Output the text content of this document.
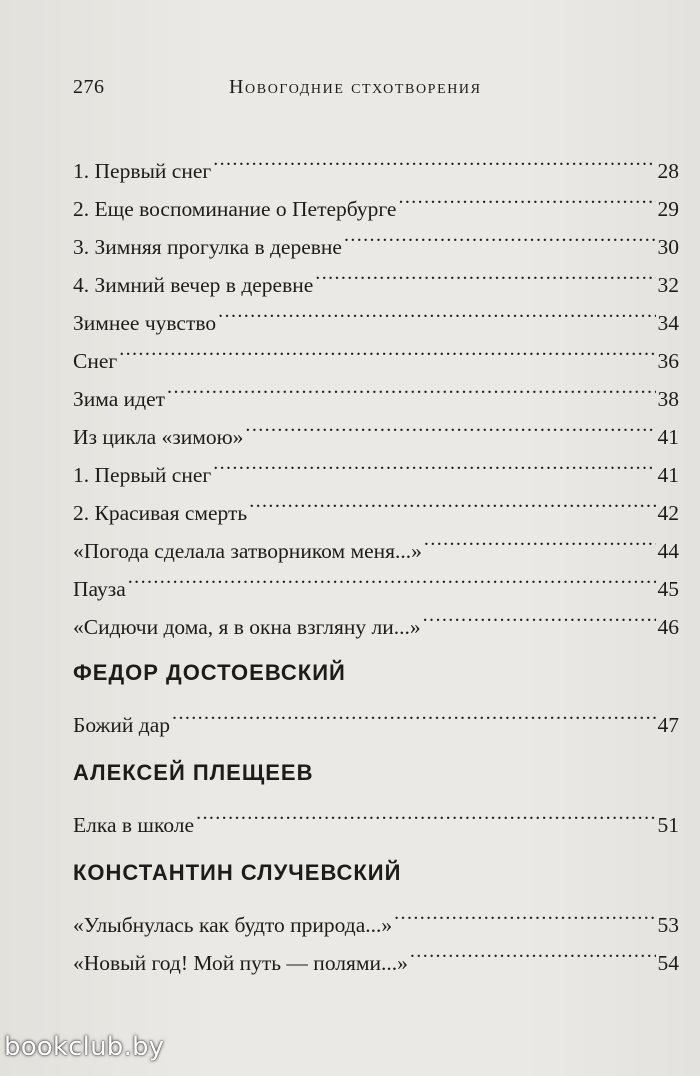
276	Новогодние стхотворения
1. Первый снег . . .	28
2. Еще воспоминание о Петербурге . . .	29
3. Зимняя прогулка в деревне . . .	30
4. Зимний вечер в деревне . . .	32
Зимнее чувство . . .	34
Снег . . .	36
Зима идет . . .	38
Из цикла «зимою» . . .	41
1. Первый снег . . .	41
2. Красивая смерть . . .	42
«Погода сделала затворником меня...» . . .	44
Пауза . . .	45
«Сидючи дома, я в окна взгляну ли...» . . .	46
ФЕДОР ДОСТОЕВСКИЙ
Божий дар . . .	47
АЛЕКСЕЙ ПЛЕЩЕЕВ
Елка в школе . . .	51
КОНСТАНТИН СЛУЧЕВСКИЙ
«Улыбнулась как будто природа...» . . .	53
«Новый год! Мой путь — полями...» . . .	54
bookclub.by
